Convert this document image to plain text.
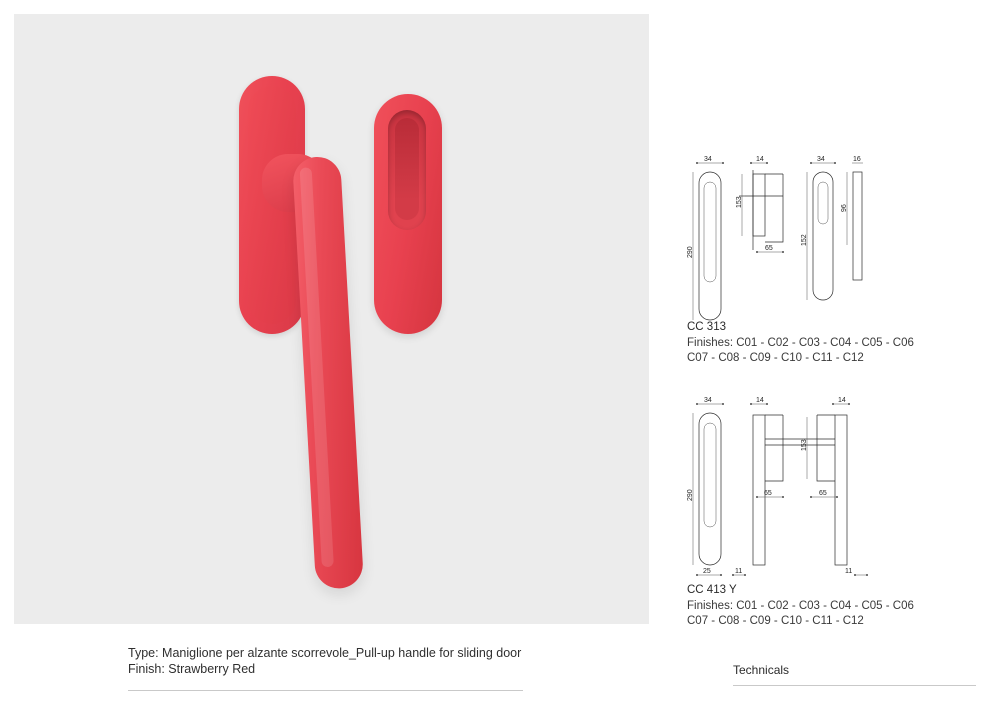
Type: Maniglione per alzante scorrevole_Pull-up handle for sliding door
Finish: Strawberry Red
34
290
14
153
65
34
152
16
96
CC 313
Finishes: C01 - C02 - C03 - C04 - C05 - C06
C07 - C08 - C09 - C10 - C11 - C12
34
290
25	11
14
65
14
65
153
11
CC 413 Y
Finishes: C01 - C02 - C03 - C04 - C05 - C06
C07 - C08 - C09 - C10 - C11 - C12
Technicals
